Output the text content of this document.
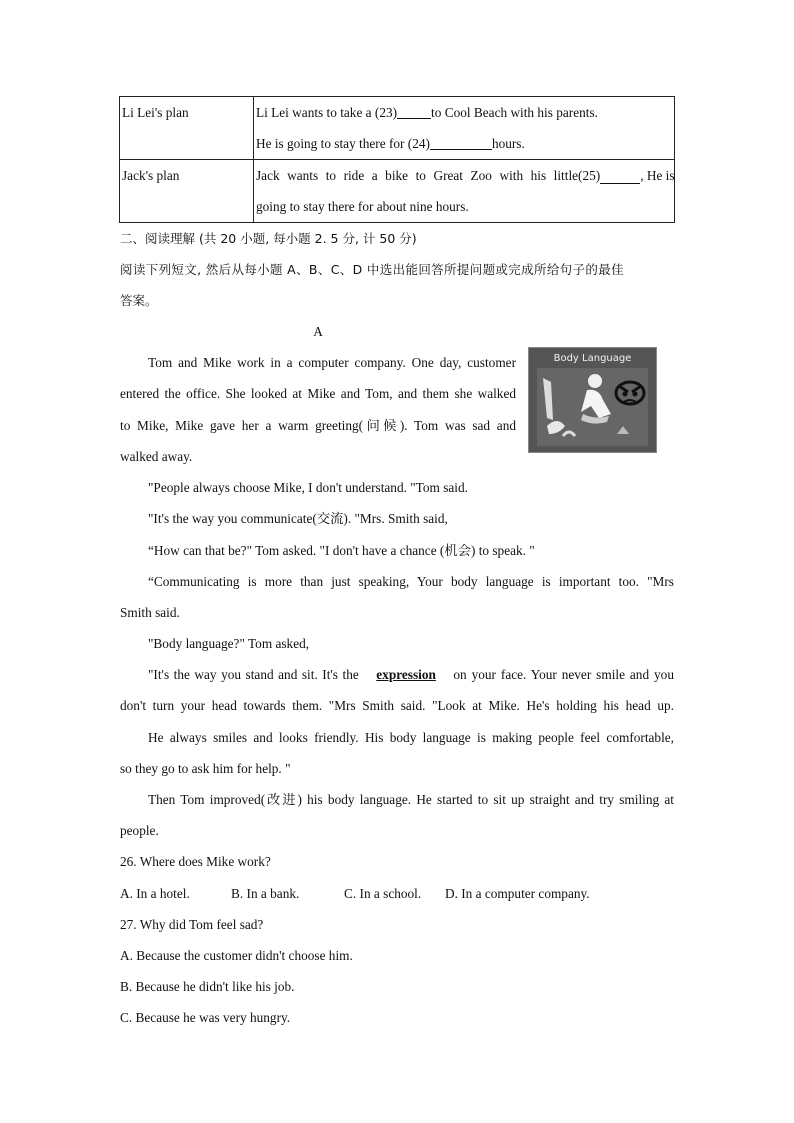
Li Lei's plan	Li Lei wants to take a (23) to Cool Beach with his parents.
He is going to stay there for (24) hours.

Jack's plan	Jack wants to ride a bike to Great Zoo with his little(25) , He is
going to stay there for about nine hours.
二、阅读理解 (共 20 小题, 每小题 2. 5 分, 计 50 分)
阅读下列短文, 然后从每小题 A、B、C、D 中选出能回答所提问题或完成所给句子的最佳
答案。
A
Body Language
Tom and Mike work in a computer company. One day, customer
entered the office. She looked at Mike and Tom, and them she walked
to Mike, Mike gave her a warm greeting(问候). Tom was sad and
walked away.
"People always choose Mike, I don't understand. "Tom said.
"It's the way you communicate(交流). "Mrs. Smith said,
“How can that be?" Tom asked. "I don't have a chance (机会) to speak. "
“Communicating is more than just speaking, Your body language is important too. "Mrs
Smith said.
"Body language?" Tom asked,
"It's the way you stand and sit. It's the expression on your face. Your never smile and you
don't turn your head towards them. "Mrs Smith said. "Look at Mike. He's holding his head up.
He always smiles and looks friendly. His body language is making people feel comfortable,
so they go to ask him for help. "
Then Tom improved(改进) his body language. He started to sit up straight and try smiling at
people.
26. Where does Mike work?
A. In a hotel.	B. In a bank.	C. In a school.	D. In a computer company.
27. Why did Tom feel sad?
A. Because the customer didn't choose him.
B. Because he didn't like his job.
C. Because he was very hungry.
